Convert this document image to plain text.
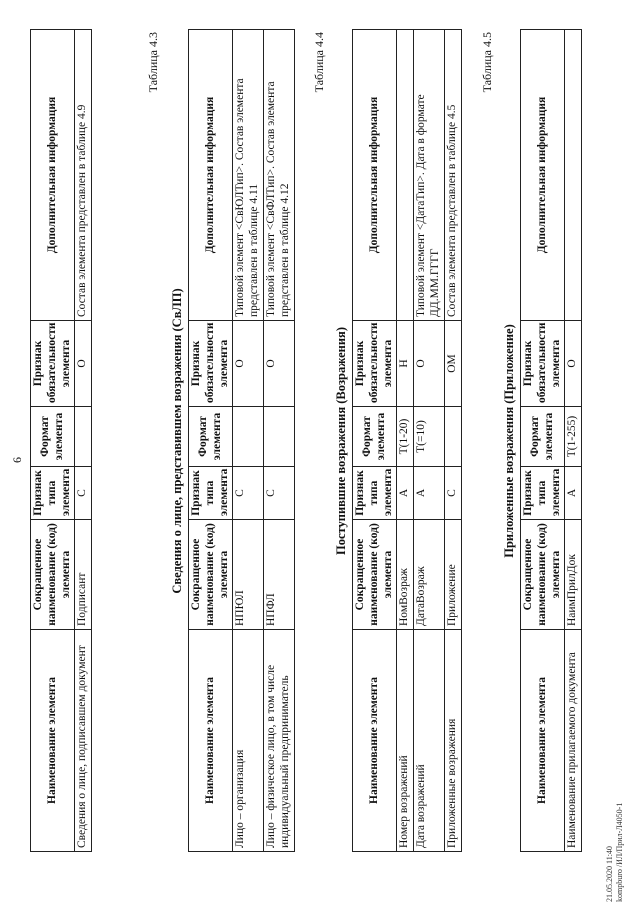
6
Наименование элемента	Сокращенное наименование (код) элемента	Признак типа элемента	Формат элемента	Признак обязательности элемента	Дополнительная информация
Сведения о лице, подписавшем документ	Подписант	С		О	Состав элемента представлен в таблице 4.9
Таблица 4.3
Сведения о лице, представившем возражения (СвЛП)
Наименование элемента	Сокращенное наименование (код) элемента	Признак типа элемента	Формат элемента	Признак обязательности элемента	Дополнительная информация
Лицо – организация	НПЮЛ	С		О	Типовой элемент <СвЮЛТип>. Состав элемента представлен в таблице 4.11
Лицо – физическое лицо, в том числе индивидуальный предприниматель	НПФЛ	С		О	Типовой элемент <СвФЛТип>. Состав элемента представлен в таблице 4.12
Таблица 4.4
Поступившие возражения (Возражения)
Наименование элемента	Сокращенное наименование (код) элемента	Признак типа элемента	Формат элемента	Признак обязательности элемента	Дополнительная информация
Номер возражений	НомВозраж	А	T(1-20)	Н	
Дата возражений	ДатаВозраж	А	T(=10)	О	Типовой элемент <ДатаТип>. Дата в формате ДД.ММ.ГГГГ
Приложенные возражения	Приложение	С		ОМ	Состав элемента представлен в таблице 4.5
Таблица 4.5
Приложенные возражения (Приложение)
Наименование элемента	Сокращенное наименование (код) элемента	Признак типа элемента	Формат элемента	Признак обязательности элемента	Дополнительная информация
Наименование прилагаемого документа	НаимПрилДок	А	T(1-255)	О	
21.05.2020 11:40 kompburo /ИЛ/Прил-Л4050-1
